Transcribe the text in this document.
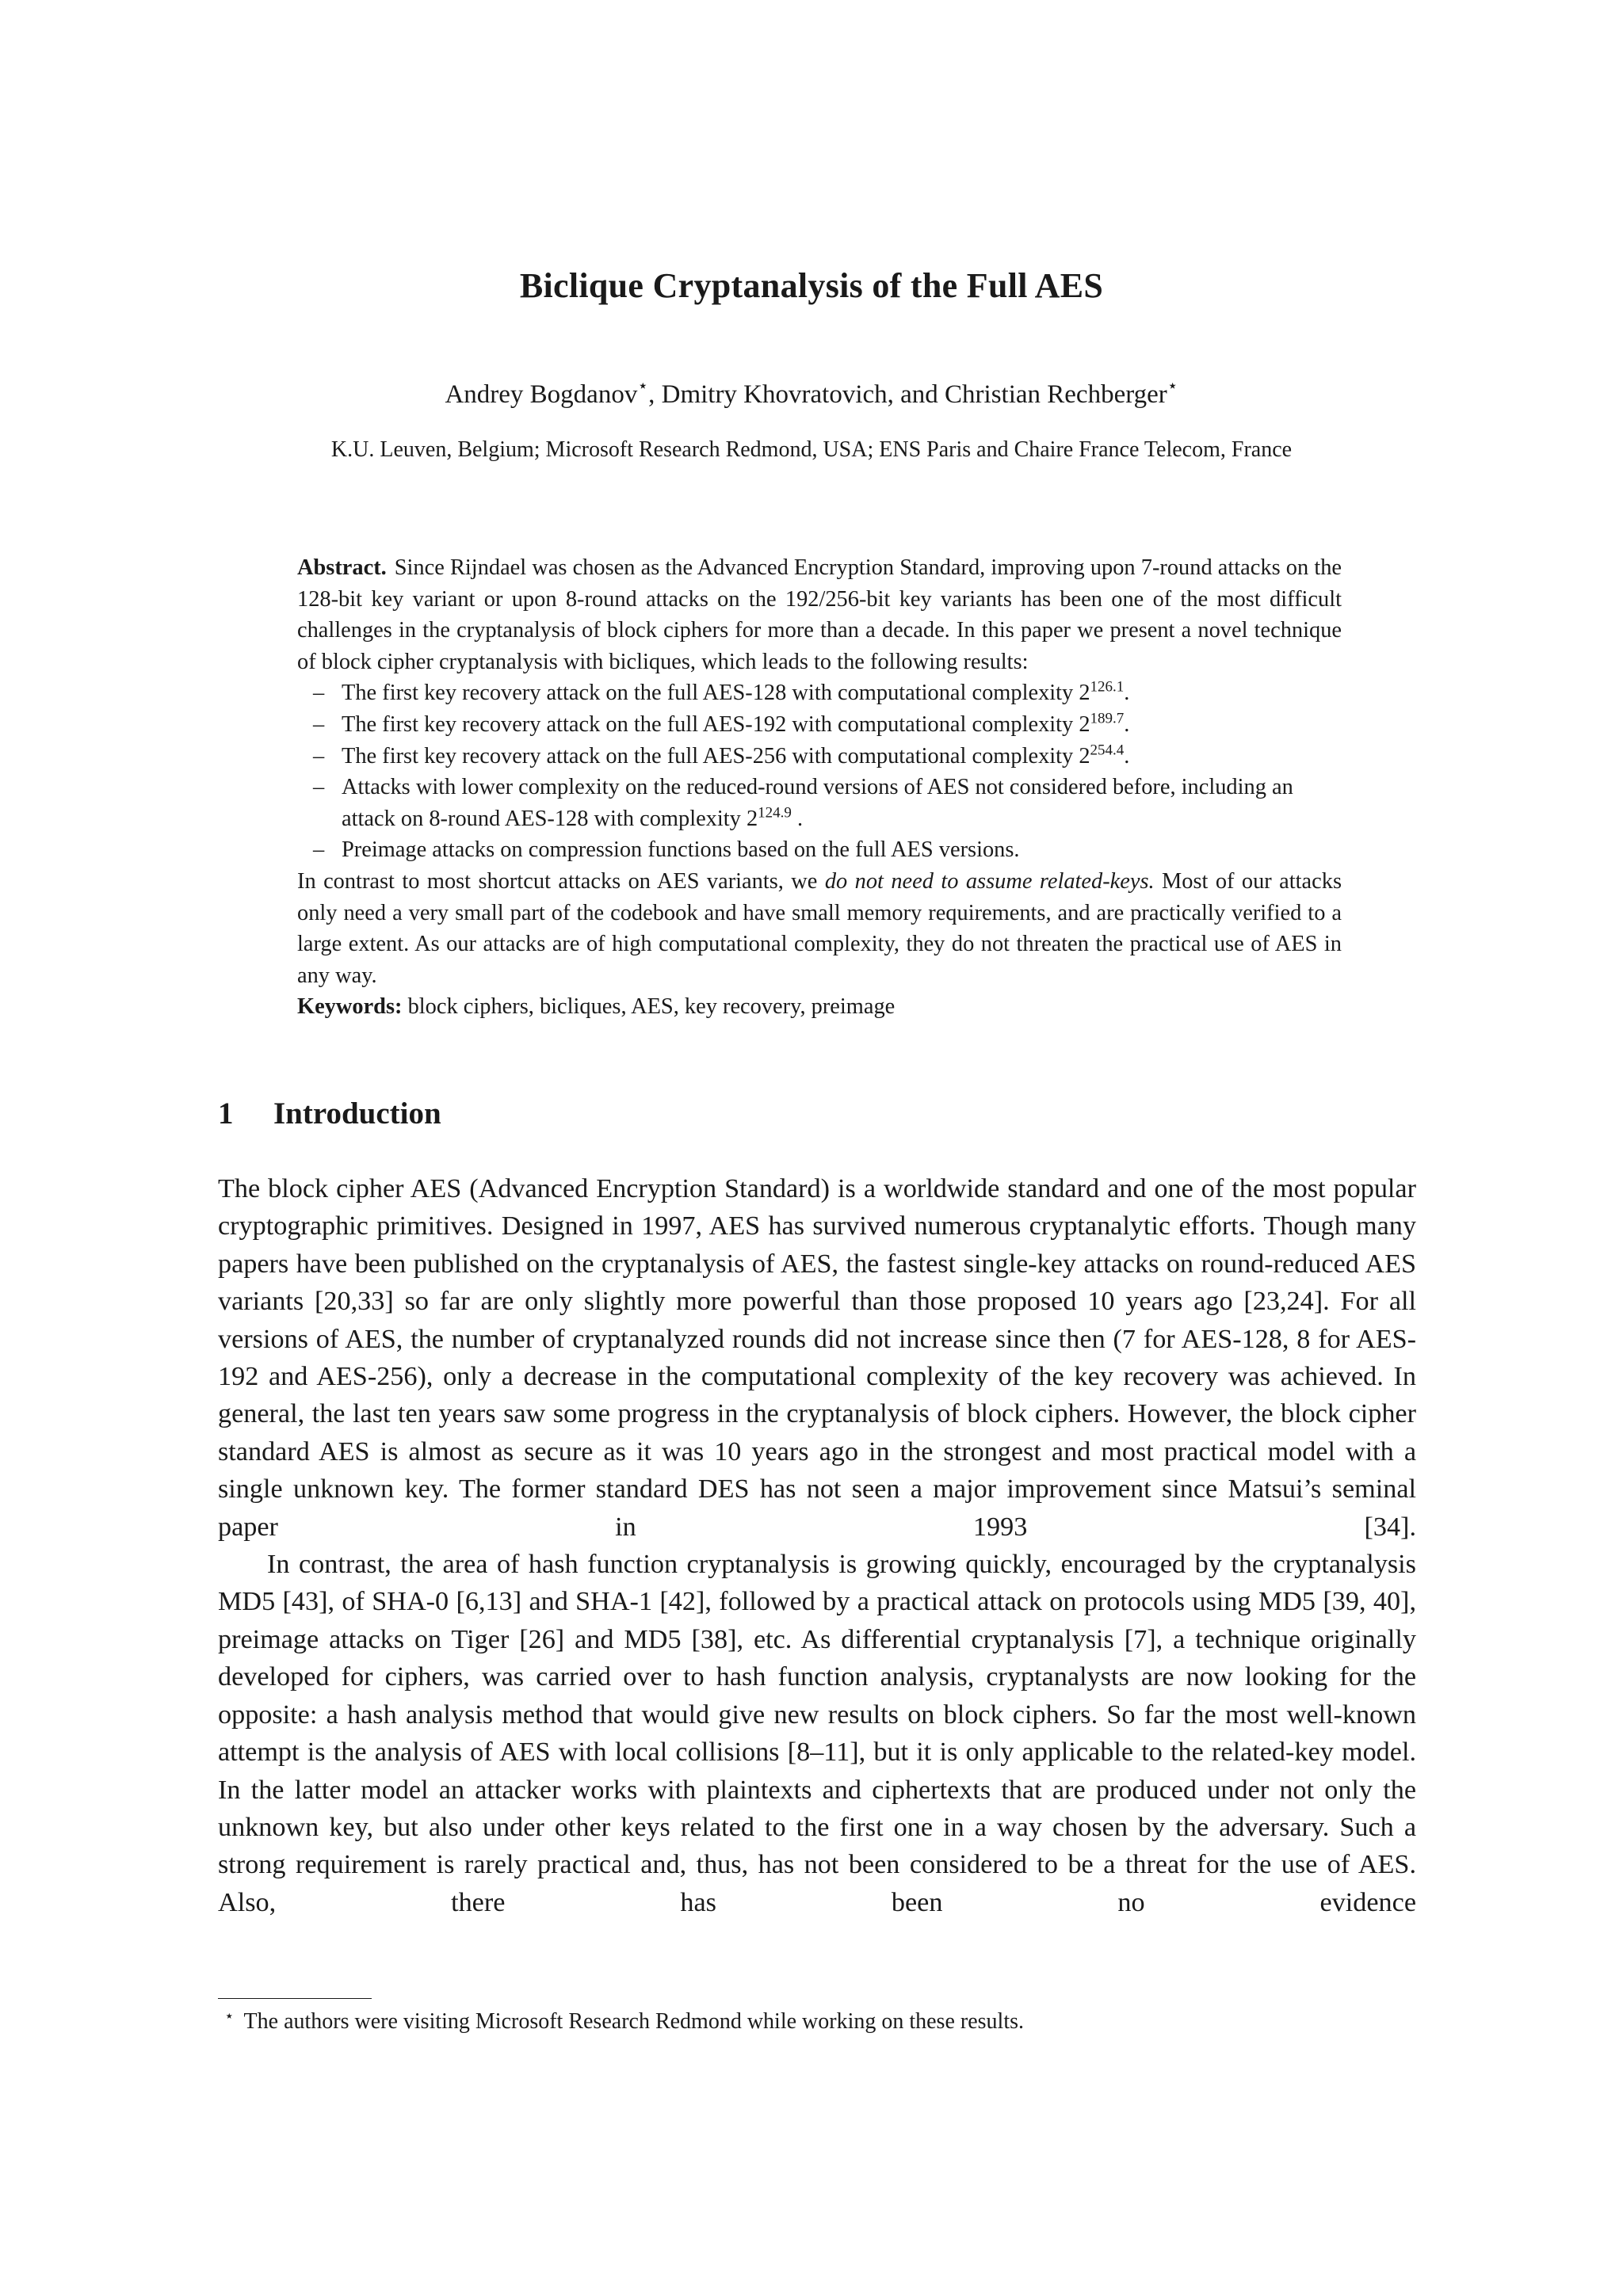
Biclique Cryptanalysis of the Full AES
Andrey Bogdanov⋆, Dmitry Khovratovich, and Christian Rechberger⋆
K.U. Leuven, Belgium; Microsoft Research Redmond, USA; ENS Paris and Chaire France Telecom, France
Abstract. Since Rijndael was chosen as the Advanced Encryption Standard, improving upon 7-round attacks on the 128-bit key variant or upon 8-round attacks on the 192/256-bit key variants has been one of the most difficult challenges in the cryptanalysis of block ciphers for more than a decade. In this paper we present a novel technique of block cipher cryptanalysis with bicliques, which leads to the following results:
– The first key recovery attack on the full AES-128 with computational complexity $2^{126.1}$.
– The first key recovery attack on the full AES-192 with computational complexity $2^{189.7}$.
– The first key recovery attack on the full AES-256 with computational complexity $2^{254.4}$.
– Attacks with lower complexity on the reduced-round versions of AES not considered before, including an attack on 8-round AES-128 with complexity $2^{124.9}$ .
– Preimage attacks on compression functions based on the full AES versions.
In contrast to most shortcut attacks on AES variants, we do not need to assume related-keys. Most of our attacks only need a very small part of the codebook and have small memory requirements, and are practically verified to a large extent. As our attacks are of high computational complexity, they do not threaten the practical use of AES in any way.
Keywords: block ciphers, bicliques, AES, key recovery, preimage
1 Introduction

The block cipher AES (Advanced Encryption Standard) is a worldwide standard and one of the most popular cryptographic primitives. Designed in 1997, AES has survived numerous cryptanalytic efforts. Though many papers have been published on the cryptanalysis of AES, the fastest single-key attacks on round-reduced AES variants [20,33] so far are only slightly more powerful than those proposed 10 years ago [23,24]. For all versions of AES, the number of cryptanalyzed rounds did not increase since then (7 for AES-128, 8 for AES-192 and AES-256), only a decrease in the computational complexity of the key recovery was achieved. In general, the last ten years saw some progress in the cryptanalysis of block ciphers. However, the block cipher standard AES is almost as secure as it was 10 years ago in the strongest and most practical model with a single unknown key. The former standard DES has not seen a major improvement since Matsui’s seminal paper in 1993 [34].

In contrast, the area of hash function cryptanalysis is growing quickly, encouraged by the cryptanalysis MD5 [43], of SHA-0 [6,13] and SHA-1 [42], followed by a practical attack on protocols using MD5 [39, 40], preimage attacks on Tiger [26] and MD5 [38], etc. As differential cryptanalysis [7], a technique originally developed for ciphers, was carried over to hash function analysis, cryptanalysts are now looking for the opposite: a hash analysis method that would give new results on block ciphers. So far the most well-known attempt is the analysis of AES with local collisions [8–11], but it is only applicable to the related-key model. In the latter model an attacker works with plaintexts and ciphertexts that are produced under not only the unknown key, but also under other keys related to the first one in a way chosen by the adversary. Such a strong requirement is rarely practical and, thus, has not been considered to be a threat for the use of AES. Also, there has been no evidence

⋆ The authors were visiting Microsoft Research Redmond while working on these results.
